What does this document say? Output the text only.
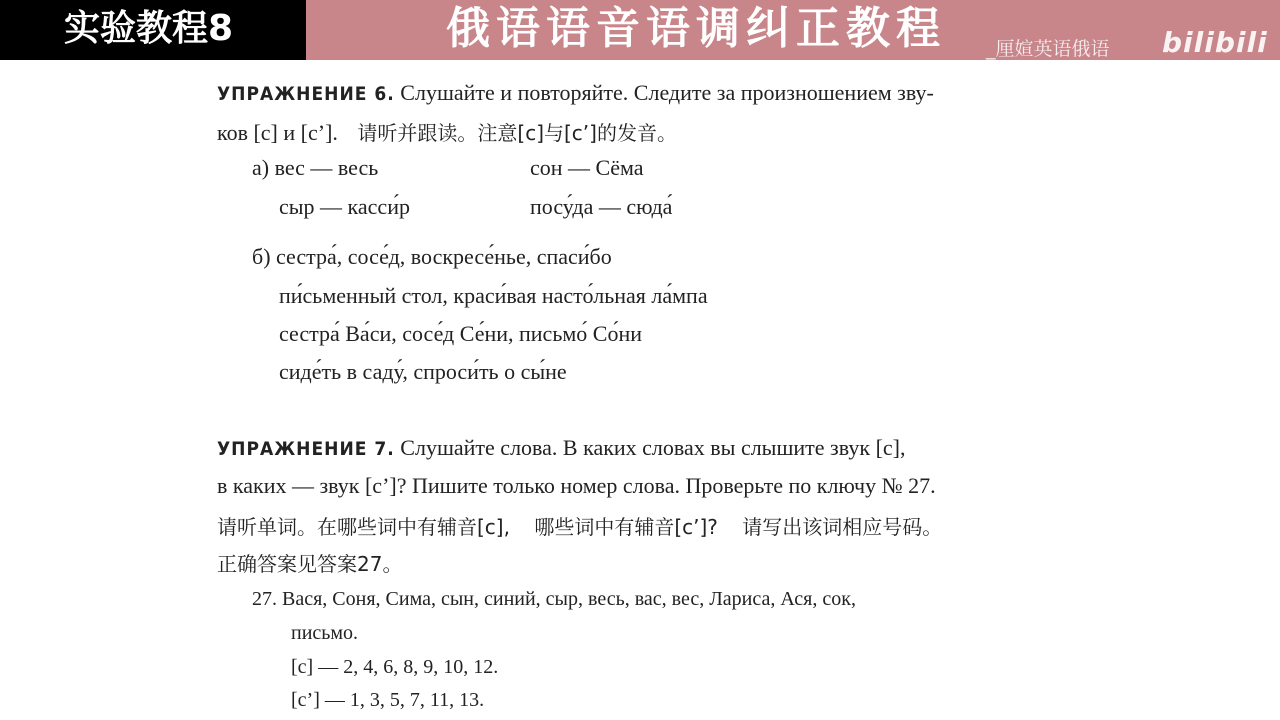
实验教程8	俄语语音语调纠正教程 _厘媗英语俄语 bilibili
УПРАЖНЕНИЕ 6. Слушайте и повторяйте. Следите за произношением зву-
ков [с] и [с’]. 请听并跟读。注意[с]与[с’]的发音。
а) вес — весь	сон — Сёма
сыр — касси́р	посу́да — сюда́
б) сестра́, сосе́д, воскресе́нье, спаси́бо
пи́сьменный стол, краси́вая насто́льная ла́мпа
сестра́ Ва́си, сосе́д Се́ни, письмо́ Со́ни
сиде́ть в саду́, спроси́ть о сы́не
УПРАЖНЕНИЕ 7. Слушайте слова. В каких словах вы слышите звук [с],
в каких — звук [с’]? Пишите только номер слова. Проверьте по ключу № 27.
请听单词。在哪些词中有辅音[с], 哪些词中有辅音[с’]? 请写出该词相应号码。
正确答案见答案27。
27. Вася, Соня, Сима, сын, синий, сыр, весь, вас, вес, Лариса, Ася, сок,
письмо.
[с] — 2, 4, 6, 8, 9, 10, 12.
[с’] — 1, 3, 5, 7, 11, 13.
